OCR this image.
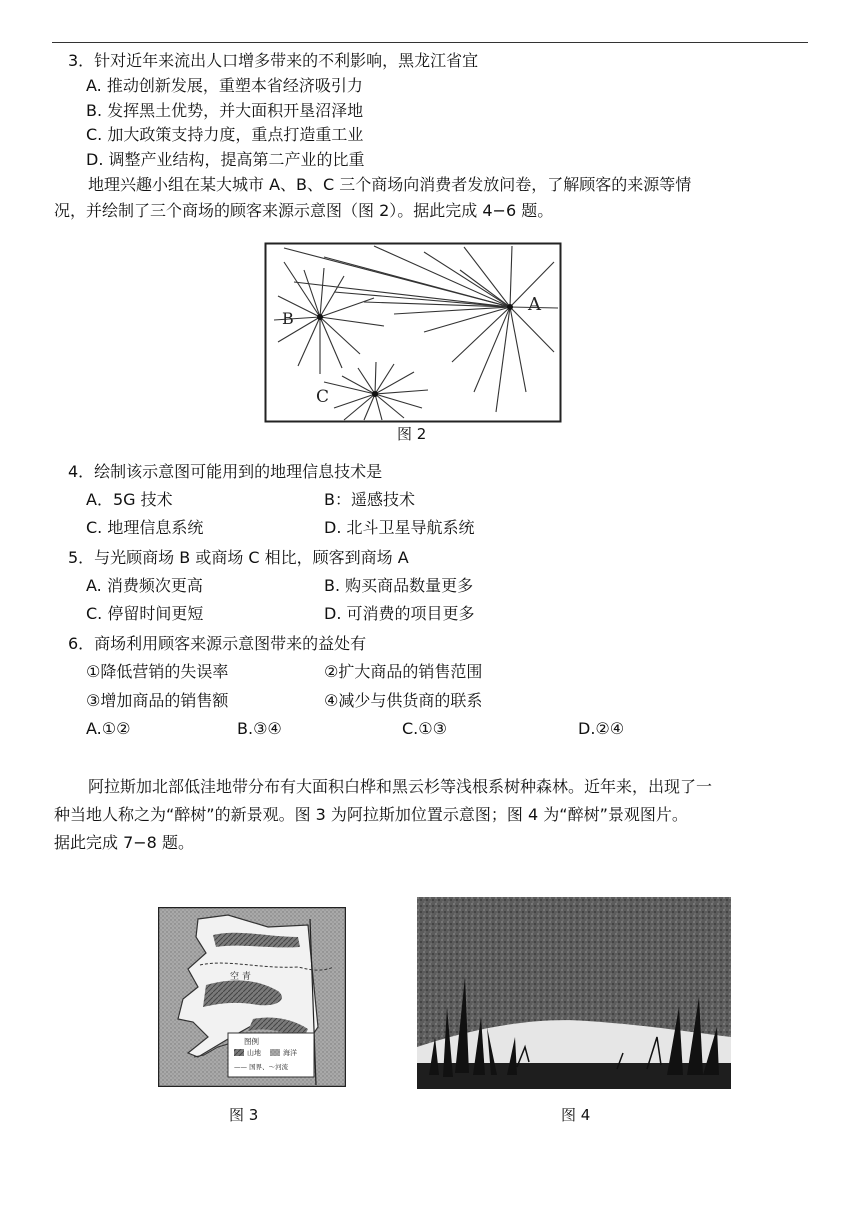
3．针对近年来流出人口增多带来的不利影响，黑龙江省宜
A. 推动创新发展，重塑本省经济吸引力
B. 发挥黑土优势，并大面积开垦沼泽地
C. 加大政策支持力度，重点打造重工业
D. 调整产业结构，提高第二产业的比重
地理兴趣小组在某大城市 A、B、C 三个商场向消费者发放问卷，了解顾客的来源等情
况，并绘制了三个商场的顾客来源示意图（图 2）。据此完成 4−6 题。
A
B
C
图 2
4．绘制该示意图可能用到的地理信息技术是
A．5G 技术	B：遥感技术
C. 地理信息系统	D. 北斗卫星导航系统
5．与光顾商场 B 或商场 C 相比，顾客到商场 A
A. 消费频次更高	B. 购买商品数量更多
C. 停留时间更短	D. 可消费的项目更多
6．商场利用顾客来源示意图带来的益处有
①降低营销的失误率	②扩大商品的销售范围
③增加商品的销售额	④减少与供货商的联系
A.①②	B.③④	C.①③	D.②④
阿拉斯加北部低洼地带分布有大面积白桦和黑云杉等浅根系树种森林。近年来，出现了一
种当地人称之为“醉树”的新景观。图 3 为阿拉斯加位置示意图；图 4 为“醉树”景观图片。
据此完成 7−8 题。
空 青
图例
山地	海洋
—— 国界、～河流
图 3	图 4
